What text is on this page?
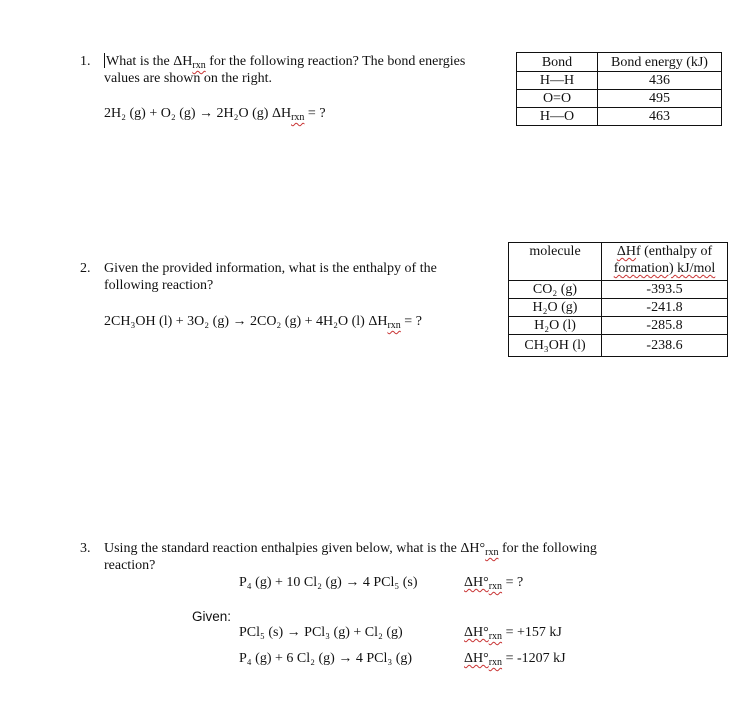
1. What is the $\Delta H_{rxn}$ for the following reaction? The bond energies
values are shown on the right.
2H₂ (g) + O₂ (g) → 2H₂O (g) $\Delta H_{rxn}$ = ?
Bond	Bond energy (kJ)
H—H	436
O=O	495
H—O	463
2. Given the provided information, what is the enthalpy of the
following reaction?
2CH₃OH (l) + 3O₂ (g) → 2CO₂ (g) + 4H₂O (l) $\Delta H_{rxn}$ = ?
molecule	ΔHf (enthalpy of
formation) kJ/mol
CO₂ (g)	-393.5
H₂O (g)	-241.8
H₂O (l)	-285.8
CH₃OH (l)	-238.6
3. Using the standard reaction enthalpies given below, what is the $\Delta H^\circ_{rxn}$ for the following
reaction?
P₄ (g) + 10 Cl₂ (g) → 4 PCl₅ (s)	$\Delta H^\circ_{rxn}$ = ?
Given:
PCl₅ (s) → PCl₃ (g) + Cl₂ (g)	$\Delta H^\circ_{rxn} = +157$ kJ
P₄ (g) + 6 Cl₂ (g) → 4 PCl₃ (g)	$\Delta H^\circ_{rxn} = -1207$ kJ
